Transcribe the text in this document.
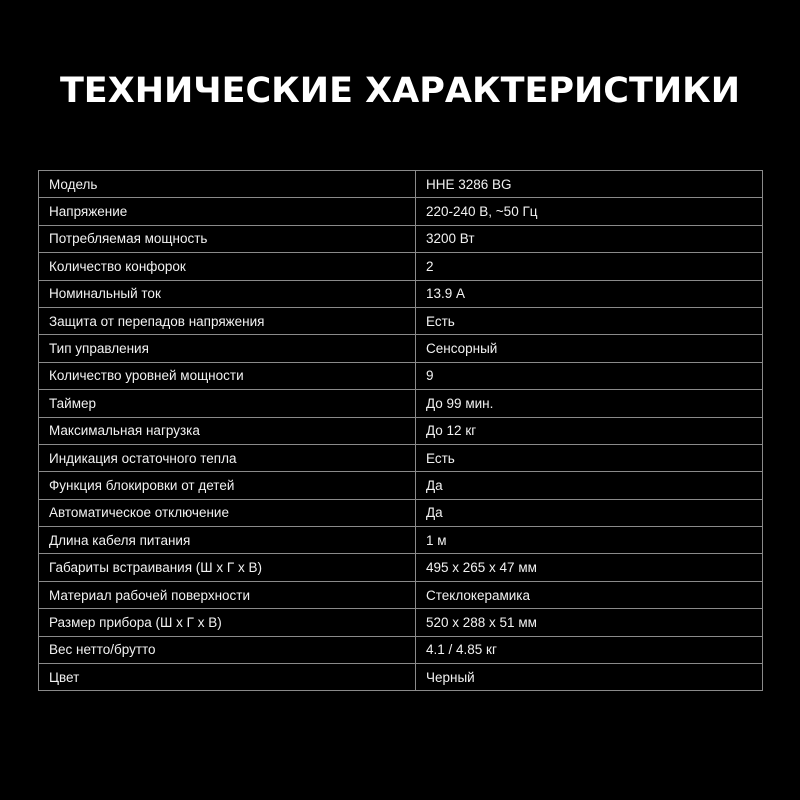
ТЕХНИЧЕСКИЕ ХАРАКТЕРИСТИКИ
Модель	HHE 3286 BG
Напряжение	220-240 В, ~50 Гц
Потребляемая мощность	3200 Вт
Количество конфорок	2
Номинальный ток	13.9 А
Защита от перепадов напряжения	Есть
Тип управления	Сенсорный
Количество уровней мощности	9
Таймер	До 99 мин.
Максимальная нагрузка	До 12 кг
Индикация остаточного тепла	Есть
Функция блокировки от детей	Да
Автоматическое отключение	Да
Длина кабеля питания	1 м
Габариты встраивания (Ш х Г х В)	495 х 265 х 47 мм
Материал рабочей поверхности	Стеклокерамика
Размер прибора (Ш х Г х В)	520 х 288 х 51 мм
Вес нетто/брутто	4.1 / 4.85 кг
Цвет	Черный
